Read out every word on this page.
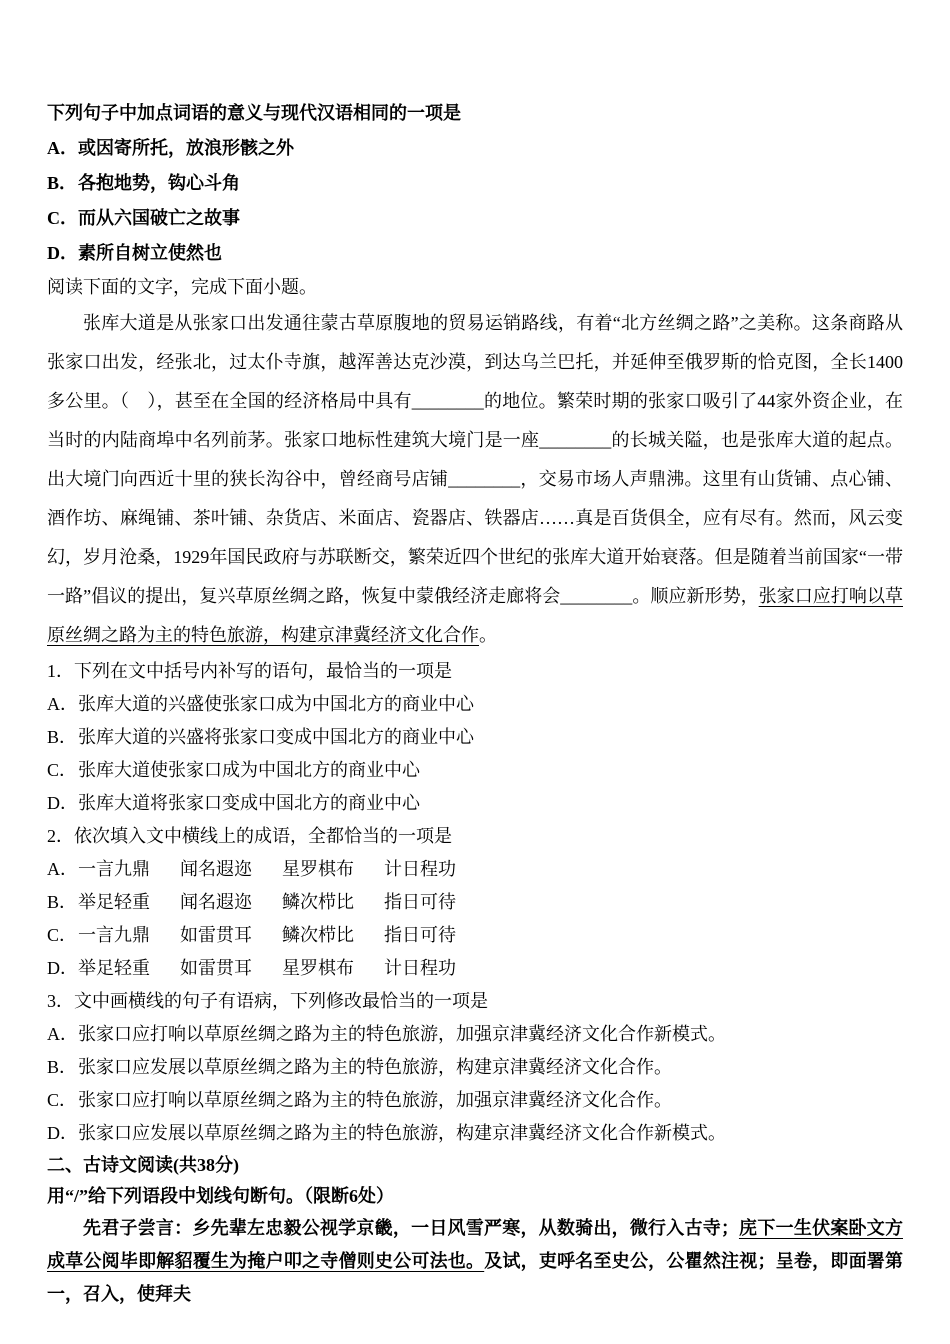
下列句子中加点词语的意义与现代汉语相同的一项是
A．或因寄所托，放浪形骸之外
B．各抱地势，钩心斗角
C．而从六国破亡之故事
D．素所自树立使然也
阅读下面的文字，完成下面小题。

张库大道是从张家口出发通往蒙古草原腹地的贸易运销路线，有着“北方丝绸之路”之美称。这条商路从张家口出发，经张北，过太仆寺旗，越浑善达克沙漠，到达乌兰巴托，并延伸至俄罗斯的恰克图，全长1400多公里。（　），甚至在全国的经济格局中具有________的地位。繁荣时期的张家口吸引了44家外资企业，在当时的内陆商埠中名列前茅。张家口地标性建筑大境门是一座________的长城关隘，也是张库大道的起点。出大境门向西近十里的狭长沟谷中，曾经商号店铺________，交易市场人声鼎沸。这里有山货铺、点心铺、酒作坊、麻绳铺、茶叶铺、杂货店、米面店、瓷器店、铁器店……真是百货俱全，应有尽有。然而，风云变幻，岁月沧桑，1929年国民政府与苏联断交，繁荣近四个世纪的张库大道开始衰落。但是随着当前国家“一带一路”倡议的提出，复兴草原丝绸之路，恢复中蒙俄经济走廊将会________。顺应新形势，张家口应打响以草原丝绸之路为主的特色旅游，构建京津冀经济文化合作。

1．下列在文中括号内补写的语句，最恰当的一项是
A．张库大道的兴盛使张家口成为中国北方的商业中心
B．张库大道的兴盛将张家口变成中国北方的商业中心
C．张库大道使张家口成为中国北方的商业中心
D．张库大道将张家口变成中国北方的商业中心
2．依次填入文中横线上的成语，全都恰当的一项是
A．一言九鼎 闻名遐迩 星罗棋布 计日程功
B．举足轻重 闻名遐迩 鳞次栉比 指日可待
C．一言九鼎 如雷贯耳 鳞次栉比 指日可待
D．举足轻重 如雷贯耳 星罗棋布 计日程功
3．文中画横线的句子有语病，下列修改最恰当的一项是
A．张家口应打响以草原丝绸之路为主的特色旅游，加强京津冀经济文化合作新模式。
B．张家口应发展以草原丝绸之路为主的特色旅游，构建京津冀经济文化合作。
C．张家口应打响以草原丝绸之路为主的特色旅游，加强京津冀经济文化合作。
D．张家口应发展以草原丝绸之路为主的特色旅游，构建京津冀经济文化合作新模式。
二、古诗文阅读(共38分)
用“/”给下列语段中划线句断句。（限断6处）

先君子尝言：乡先辈左忠毅公视学京畿，一日风雪严寒，从数骑出，微行入古寺；庑下一生伏案卧文方成草公阅毕即解貂覆生为掩户叩之寺僧则史公可法也。及试，吏呼名至史公，公瞿然注视；呈卷，即面署第一，召入，使拜夫
